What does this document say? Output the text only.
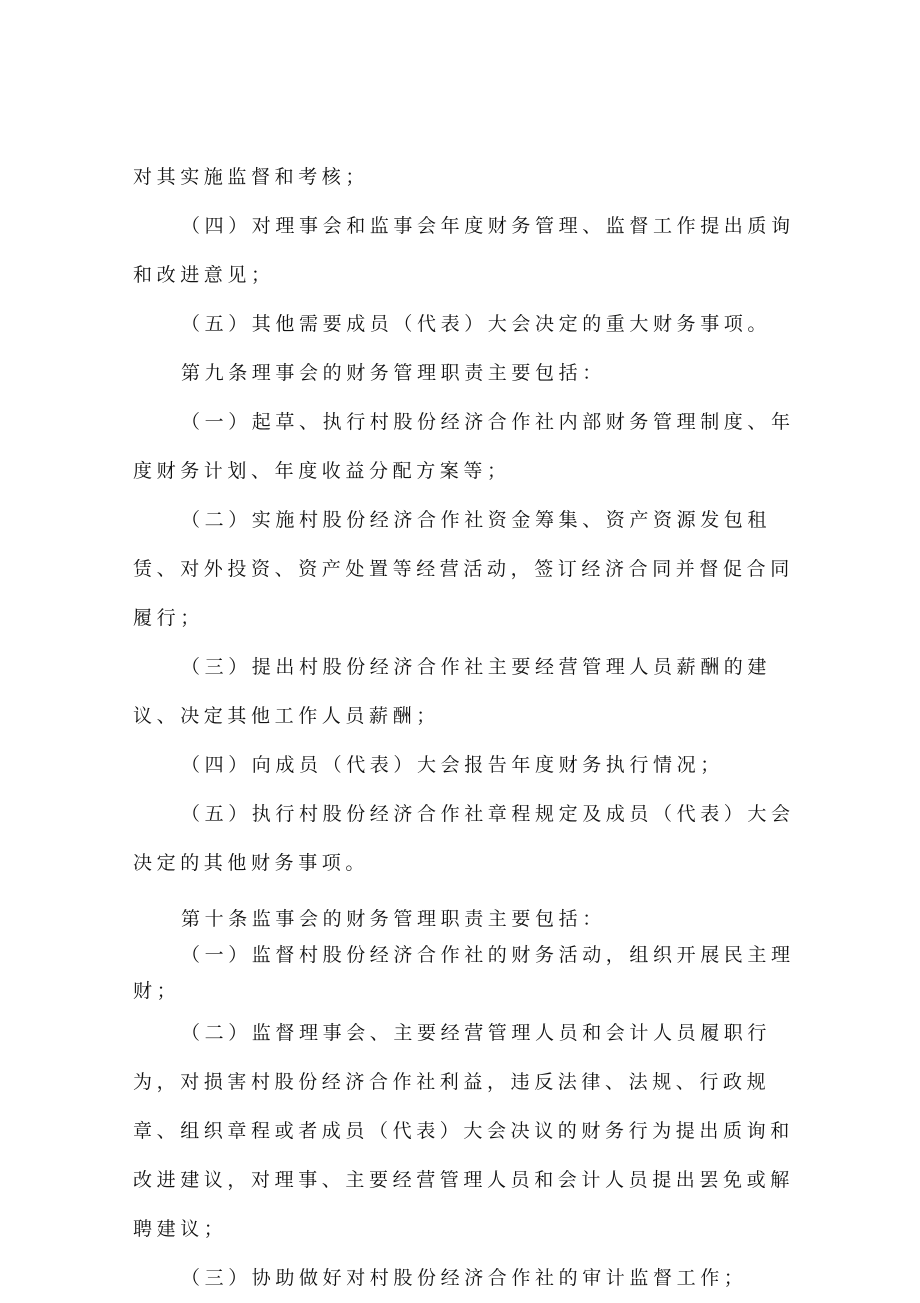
对其实施监督和考核；

（四）对理事会和监事会年度财务管理、监督工作提出质询和改进意见；

（五）其他需要成员（代表）大会决定的重大财务事项。

第九条理事会的财务管理职责主要包括：

（一）起草、执行村股份经济合作社内部财务管理制度、年度财务计划、年度收益分配方案等；

（二）实施村股份经济合作社资金筹集、资产资源发包租赁、对外投资、资产处置等经营活动，签订经济合同并督促合同履行；

（三）提出村股份经济合作社主要经营管理人员薪酬的建议、决定其他工作人员薪酬；

（四）向成员（代表）大会报告年度财务执行情况；

（五）执行村股份经济合作社章程规定及成员（代表）大会决定的其他财务事项。

第十条监事会的财务管理职责主要包括：

（一）监督村股份经济合作社的财务活动，组织开展民主理财；

（二）监督理事会、主要经营管理人员和会计人员履职行为，对损害村股份经济合作社利益，违反法律、法规、行政规章、组织章程或者成员（代表）大会决议的财务行为提出质询和改进建议，对理事、主要经营管理人员和会计人员提出罢免或解聘建议；

（三）协助做好对村股份经济合作社的审计监督工作；
